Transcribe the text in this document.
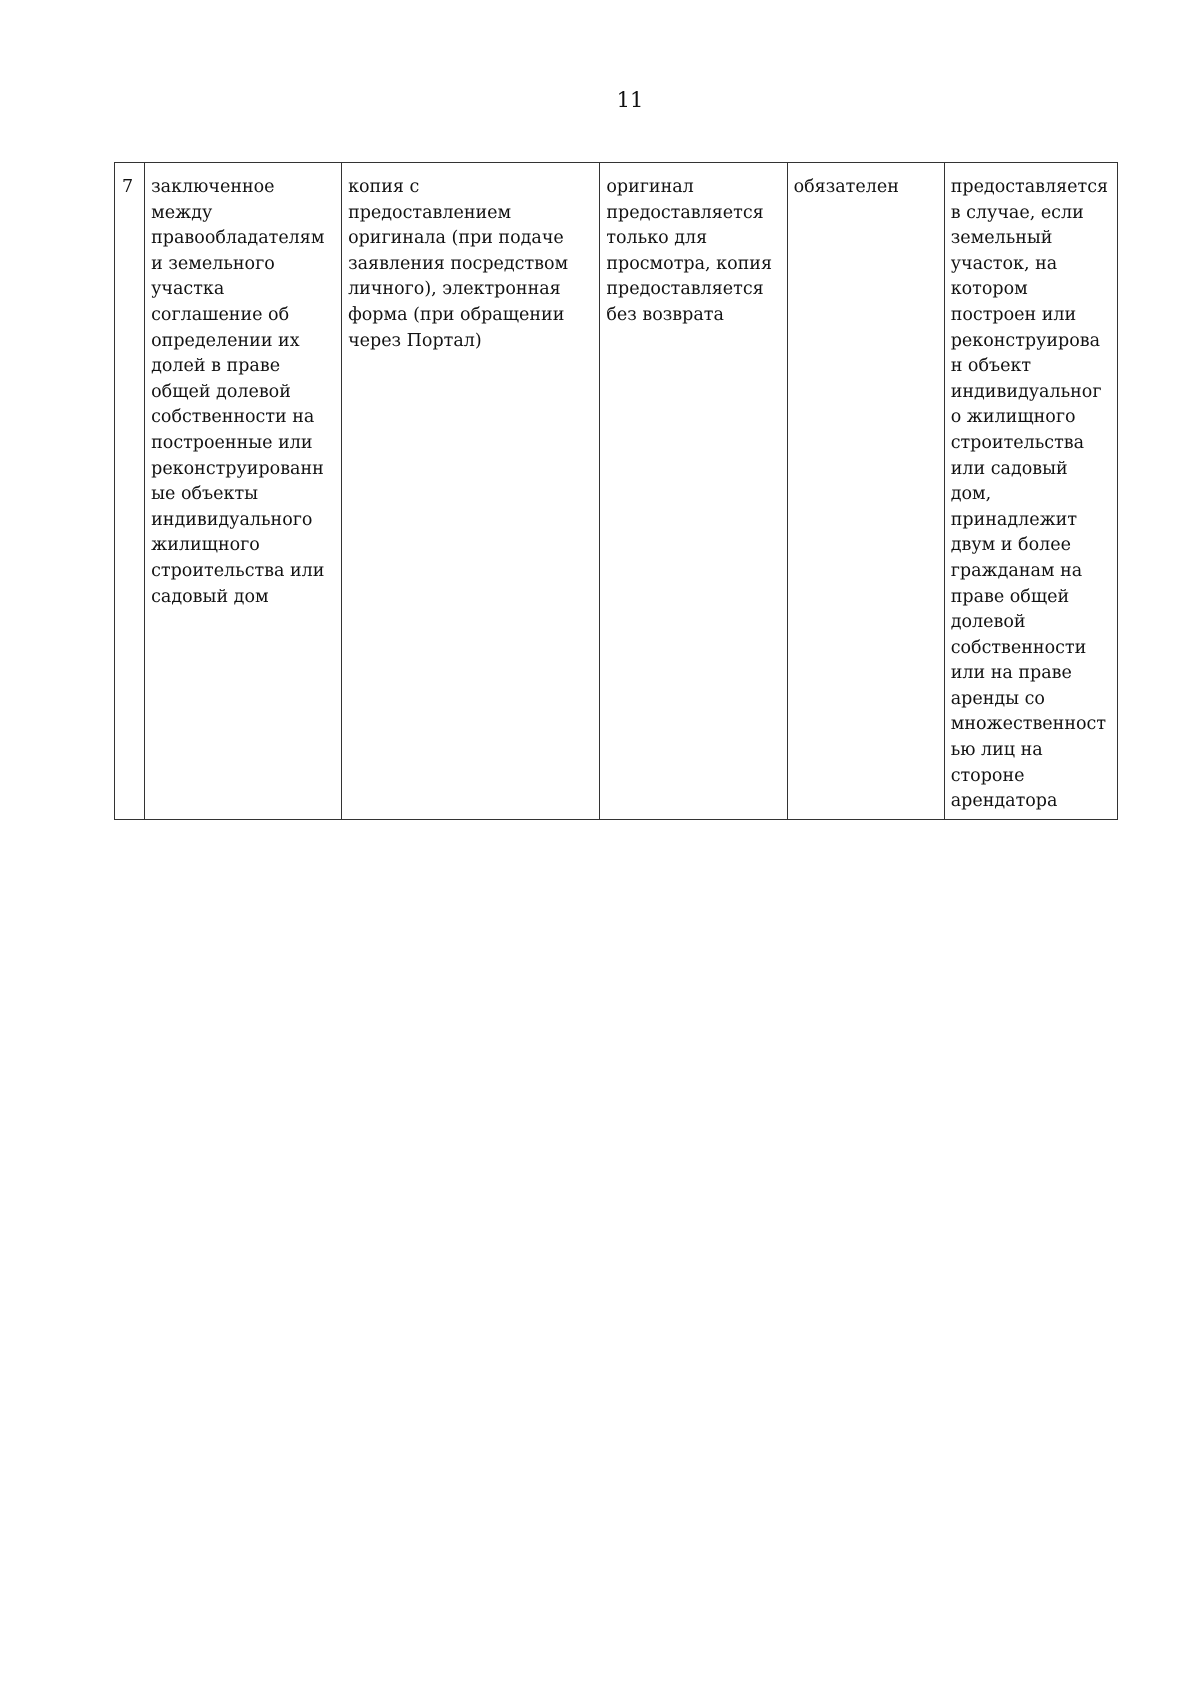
11
7	заключенное
между
правообладателям
и земельного
участка
соглашение об
определении их
долей в праве
общей долевой
собственности на
построенные или
реконструированн
ые объекты
индивидуального
жилищного
строительства или
садовый дом	копия с
предоставлением
оригинала (при подаче
заявления посредством
личного), электронная
форма (при обращении
через Портал)	оригинал
предоставляется
только для
просмотра, копия
предоставляется
без возврата	обязателен	предоставляется
в случае, если
земельный
участок, на
котором
построен или
реконструирова
н объект
индивидуальног
о жилищного
строительства
или садовый
дом,
принадлежит
двум и более
гражданам на
праве общей
долевой
собственности
или на праве
аренды со
множественност
ью лиц на
стороне
арендатора
